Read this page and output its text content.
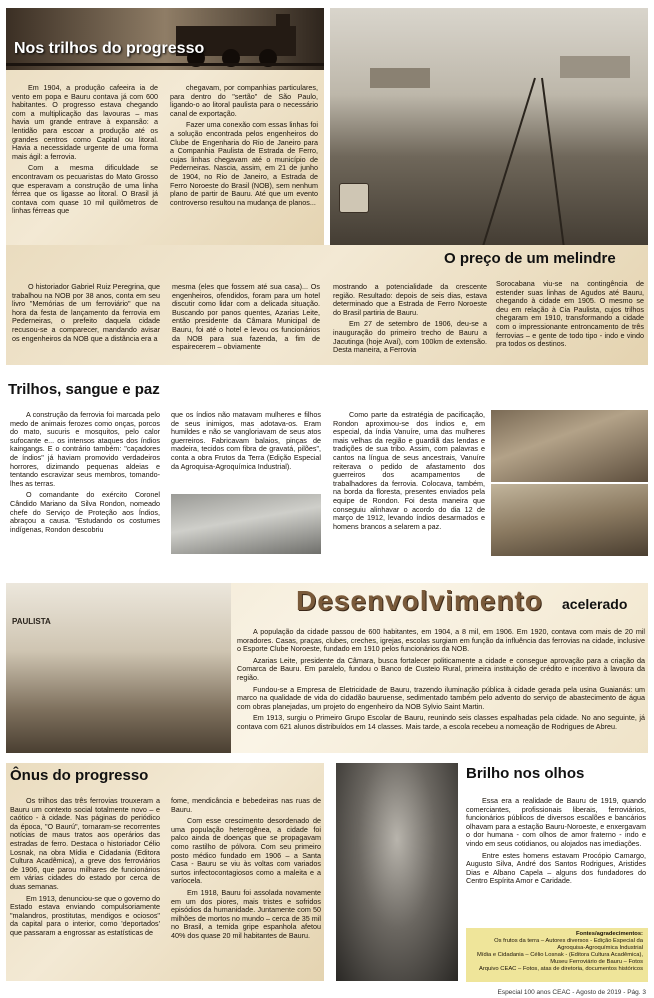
Nos trilhos do progresso

Em 1904, a produção cafeeira ia de vento em popa e Bauru contava já com 600 habitantes. O progresso estava chegando com a multiplicação das lavouras – mas havia um grande entrave à expansão: a lentidão para escoar a produção até os grandes centros como Capital ou litoral. Havia a necessidade urgente de uma forma mais ágil: a ferrovia.

Com a mesma dificuldade se encontravam os pecuaristas do Mato Grosso que esperavam a construção de uma linha férrea que os ligasse ao litoral. O Brasil já contava com quase 10 mil quilômetros de linhas férreas que

chegavam, por companhias particulares, para dentro do "sertão" de São Paulo, ligando-o ao litoral paulista para o necessário canal de exportação.

Fazer uma conexão com essas linhas foi a solução encontrada pelos engenheiros do Clube de Engenharia do Rio de Janeiro para a Companhia Paulista de Estrada de Ferro, cujas linhas chegavam até o município de Pederneiras. Nascia, assim, em 21 de junho de 1904, no Rio de Janeiro, a Estrada de Ferro Noroeste do Brasil (NOB), sem nenhum plano de partir de Bauru. Até que um evento controverso resultou na mudança de planos...

O preço de um melindre

O historiador Gabriel Ruiz Peregrina, que trabalhou na NOB por 38 anos, conta em seu livro "Memórias de um ferroviário" que na hora da festa de lançamento da ferrovia em Pederneiras, o prefeito daquela cidade recusou-se a comparecer, mandando avisar os engenheiros da NOB que a distância era a

mesma (eles que fossem até sua casa)... Os engenheiros, ofendidos, foram para um hotel discutir como lidar com a delicada situação. Buscando por panos quentes, Azarias Leite, então presidente da Câmara Municipal de Bauru, foi até o hotel e levou os funcionários da NOB para sua fazenda, a fim de espairecerem – obviamente

mostrando a potencialidade da crescente região. Resultado: depois de seis dias, estava determinado que a Estrada de Ferro Noroeste do Brasil partiria de Bauru.

Em 27 de setembro de 1906, deu-se a inauguração do primeiro trecho de Bauru a Jacutinga (hoje Avaí), com 100km de extensão. Desta maneira, a Ferrovia

Sorocabana viu-se na contingência de estender suas linhas de Agudos até Bauru, chegando à cidade em 1905. O mesmo se deu em relação à Cia Paulista, cujos trilhos chegaram em 1910, transformando a cidade com o impressionante entroncamento de três ferrovias – e gente de todo tipo - indo e vindo pra todos os destinos.

Trilhos, sangue e paz

A construção da ferrovia foi marcada pelo medo de animais ferozes como onças, porcos do mato, sucuris e mosquitos, pelo calor sufocante e... os intensos ataques dos índios kaingangs. E o contrário também: "caçadores de índios" já haviam promovido verdadeiros horrores, dizimando pequenas aldeias e tentando escravizar seus membros, tomando-lhes as terras.

O comandante do exército Coronel Cândido Mariano da Silva Rondon, nomeado chefe do Serviço de Proteção aos Índios, abraçou a causa. "Estudando os costumes indígenas, Rondon descobriu

que os índios não matavam mulheres e filhos de seus inimigos, mas adotava-os. Eram humildes e não se vangloriavam de seus atos guerreiros. Fabricavam balaios, pinças de madeira, tecidos com fibra de gravatá, pilões", conta a obra Frutos da Terra (Edição Especial da Agroquisa-Agroquímica Industrial).

Como parte da estratégia de pacificação, Rondon aproximou-se dos índios e, em especial, da índia Vanuíre, uma das mulheres mais velhas da região e guardiã das lendas e tradições de sua tribo. Assim, com palavras e cantos na língua de seus ancestrais, Vanuíre reiterava o pedido de afastamento dos guerreiros dos acampamentos de trabalhadores da ferrovia. Colocava, também, na borda da floresta, presentes enviados pela equipe de Rondon. Foi desta maneira que conseguiu alinhavar o acordo do dia 12 de março de 1912, levando índios desarmados e homens brancos a selarem a paz.

PAULISTA
Desenvolvimento acelerado

A população da cidade passou de 600 habitantes, em 1904, a 8 mil, em 1906. Em 1920, contava com mais de 20 mil moradores. Casas, praças, clubes, creches, igrejas, escolas surgiam em função da influência das ferrovias na cidade, inclusive o Esporte Clube Noroeste, fundado em 1910 pelos funcionários da NOB.

Azarias Leite, presidente da Câmara, busca fortalecer politicamente a cidade e consegue aprovação para a criação da Comarca de Bauru. Em paralelo, fundou o Banco de Custeio Rural, primeira instituição de crédito e incentivo à lavoura da região.

Fundou-se a Empresa de Eletricidade de Bauru, trazendo iluminação pública à cidade gerada pela usina Guaianás: um marco na qualidade de vida do cidadão bauruense, sedimentado também pelo advento do serviço de abastecimento de água com obras planejadas, um projeto do engenheiro da NOB Sylvio Saint Martin.

Em 1913, surgiu o Primeiro Grupo Escolar de Bauru, reunindo seis classes espalhadas pela cidade. No ano seguinte, já contava com 621 alunos distribuídos em 14 classes. Mais tarde, a escola recebeu a nomeação de Rodrigues de Abreu.

Ônus do progresso

Os trilhos das três ferrovias trouxeram a Bauru um contexto social totalmente novo – e caótico - à cidade. Nas páginas do periódico da época, "O Baurú", tornaram-se recorrentes notícias de maus tratos aos operários das estradas de ferro. Destaca o historiador Célio Losnak, na obra Mídia e Cidadania (Editora Cultura Acadêmica), a greve dos ferroviários de 1906, que parou milhares de funcionários em várias cidades do estado por cerca de duas semanas.

Em 1913, denunciou-se que o governo do Estado estava enviando compulsoriamente "malandros, prostitutas, mendigos e ociosos" da capital para o interior, como 'deportados' que passaram a engrossar as estatísticas de

fome, mendicância e bebedeiras nas ruas de Bauru.

Com esse crescimento desordenado de uma população heterogênea, a cidade foi palco ainda de doenças que se propagavam como rastilho de pólvora. Com seu primeiro posto médico fundado em 1906 – a Santa Casa - Bauru se viu às voltas com variados surtos infectocontagiosos como a maleita e a varíocela.

Em 1918, Bauru foi assolada novamente em um dos piores, mais tristes e sofridos episódios da humanidade. Juntamente com 50 milhões de mortos no mundo – cerca de 35 mil no Brasil, a temida gripe espanhola afetou 40% dos quase 20 mil habitantes de Bauru.

Brilho nos olhos

Essa era a realidade de Bauru de 1919, quando comerciantes, profissionais liberais, ferroviários, funcionários públicos de diversos escalões e bancários olhavam para a estação Bauru-Noroeste, e enxergavam o dor humana - com olhos de amor fraterno - indo e vindo em seus cotidianos, ou alojados nas imediações.

Entre estes homens estavam Procópio Camargo, Augusto Silva, André dos Santos Rodrigues, Aristides Dias e Albano Capela – alguns dos fundadores do Centro Espírita Amor e Caridade.

Fontes/agradecimentos:
Os frutos da terra – Autores diversos - Edição Especial da Agroquisa-Agroquímica Industrial
Mídia e Cidadania – Célio Losnak - (Editora Cultura Acadêmica),
Museu Ferroviário de Bauru – Fotos
Arquivo CEAC – Fotos, atas de diretoria, documentos históricos
Especial 100 anos CEAC - Agosto de 2019 - Pág. 3
